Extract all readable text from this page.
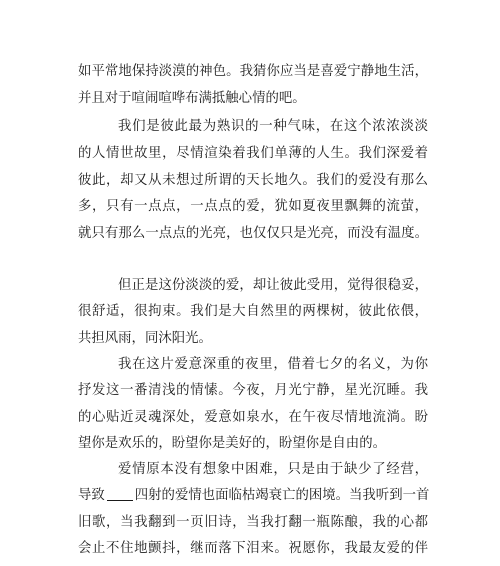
如平常地保持淡漠的神色。我猜你应当是喜爱宁静地生活，
并且对于喧闹喧哗布满抵触心情的吧。
我们是彼此最为熟识的一种气味，在这个浓浓淡淡
的人情世故里，尽情渲染着我们单薄的人生。我们深爱着
彼此，却又从未想过所谓的天长地久。我们的爱没有那么
多，只有一点点，一点点的爱，犹如夏夜里飘舞的流萤，
就只有那么一点点的光亮，也仅仅只是光亮，而没有温度。
但正是这份淡淡的爱，却让彼此受用，觉得很稳妥，
很舒适，很拘束。我们是大自然里的两棵树，彼此依偎，
共担风雨，同沐阳光。
我在这片爱意深重的夜里，借着七夕的名义，为你
抒发这一番清浅的情愫。今夜，月光宁静，星光沉睡。我
的心贴近灵魂深处，爱意如泉水，在午夜尽情地流淌。盼
望你是欢乐的，盼望你是美好的，盼望你是自由的。
爱情原本没有想象中困难，只是由于缺少了经营，
导致 四射的爱情也面临枯竭衰亡的困境。当我听到一首
旧歌，当我翻到一页旧诗，当我打翻一瓶陈酿，我的心都
会止不住地颤抖，继而落下泪来。祝愿你，我最友爱的伴
